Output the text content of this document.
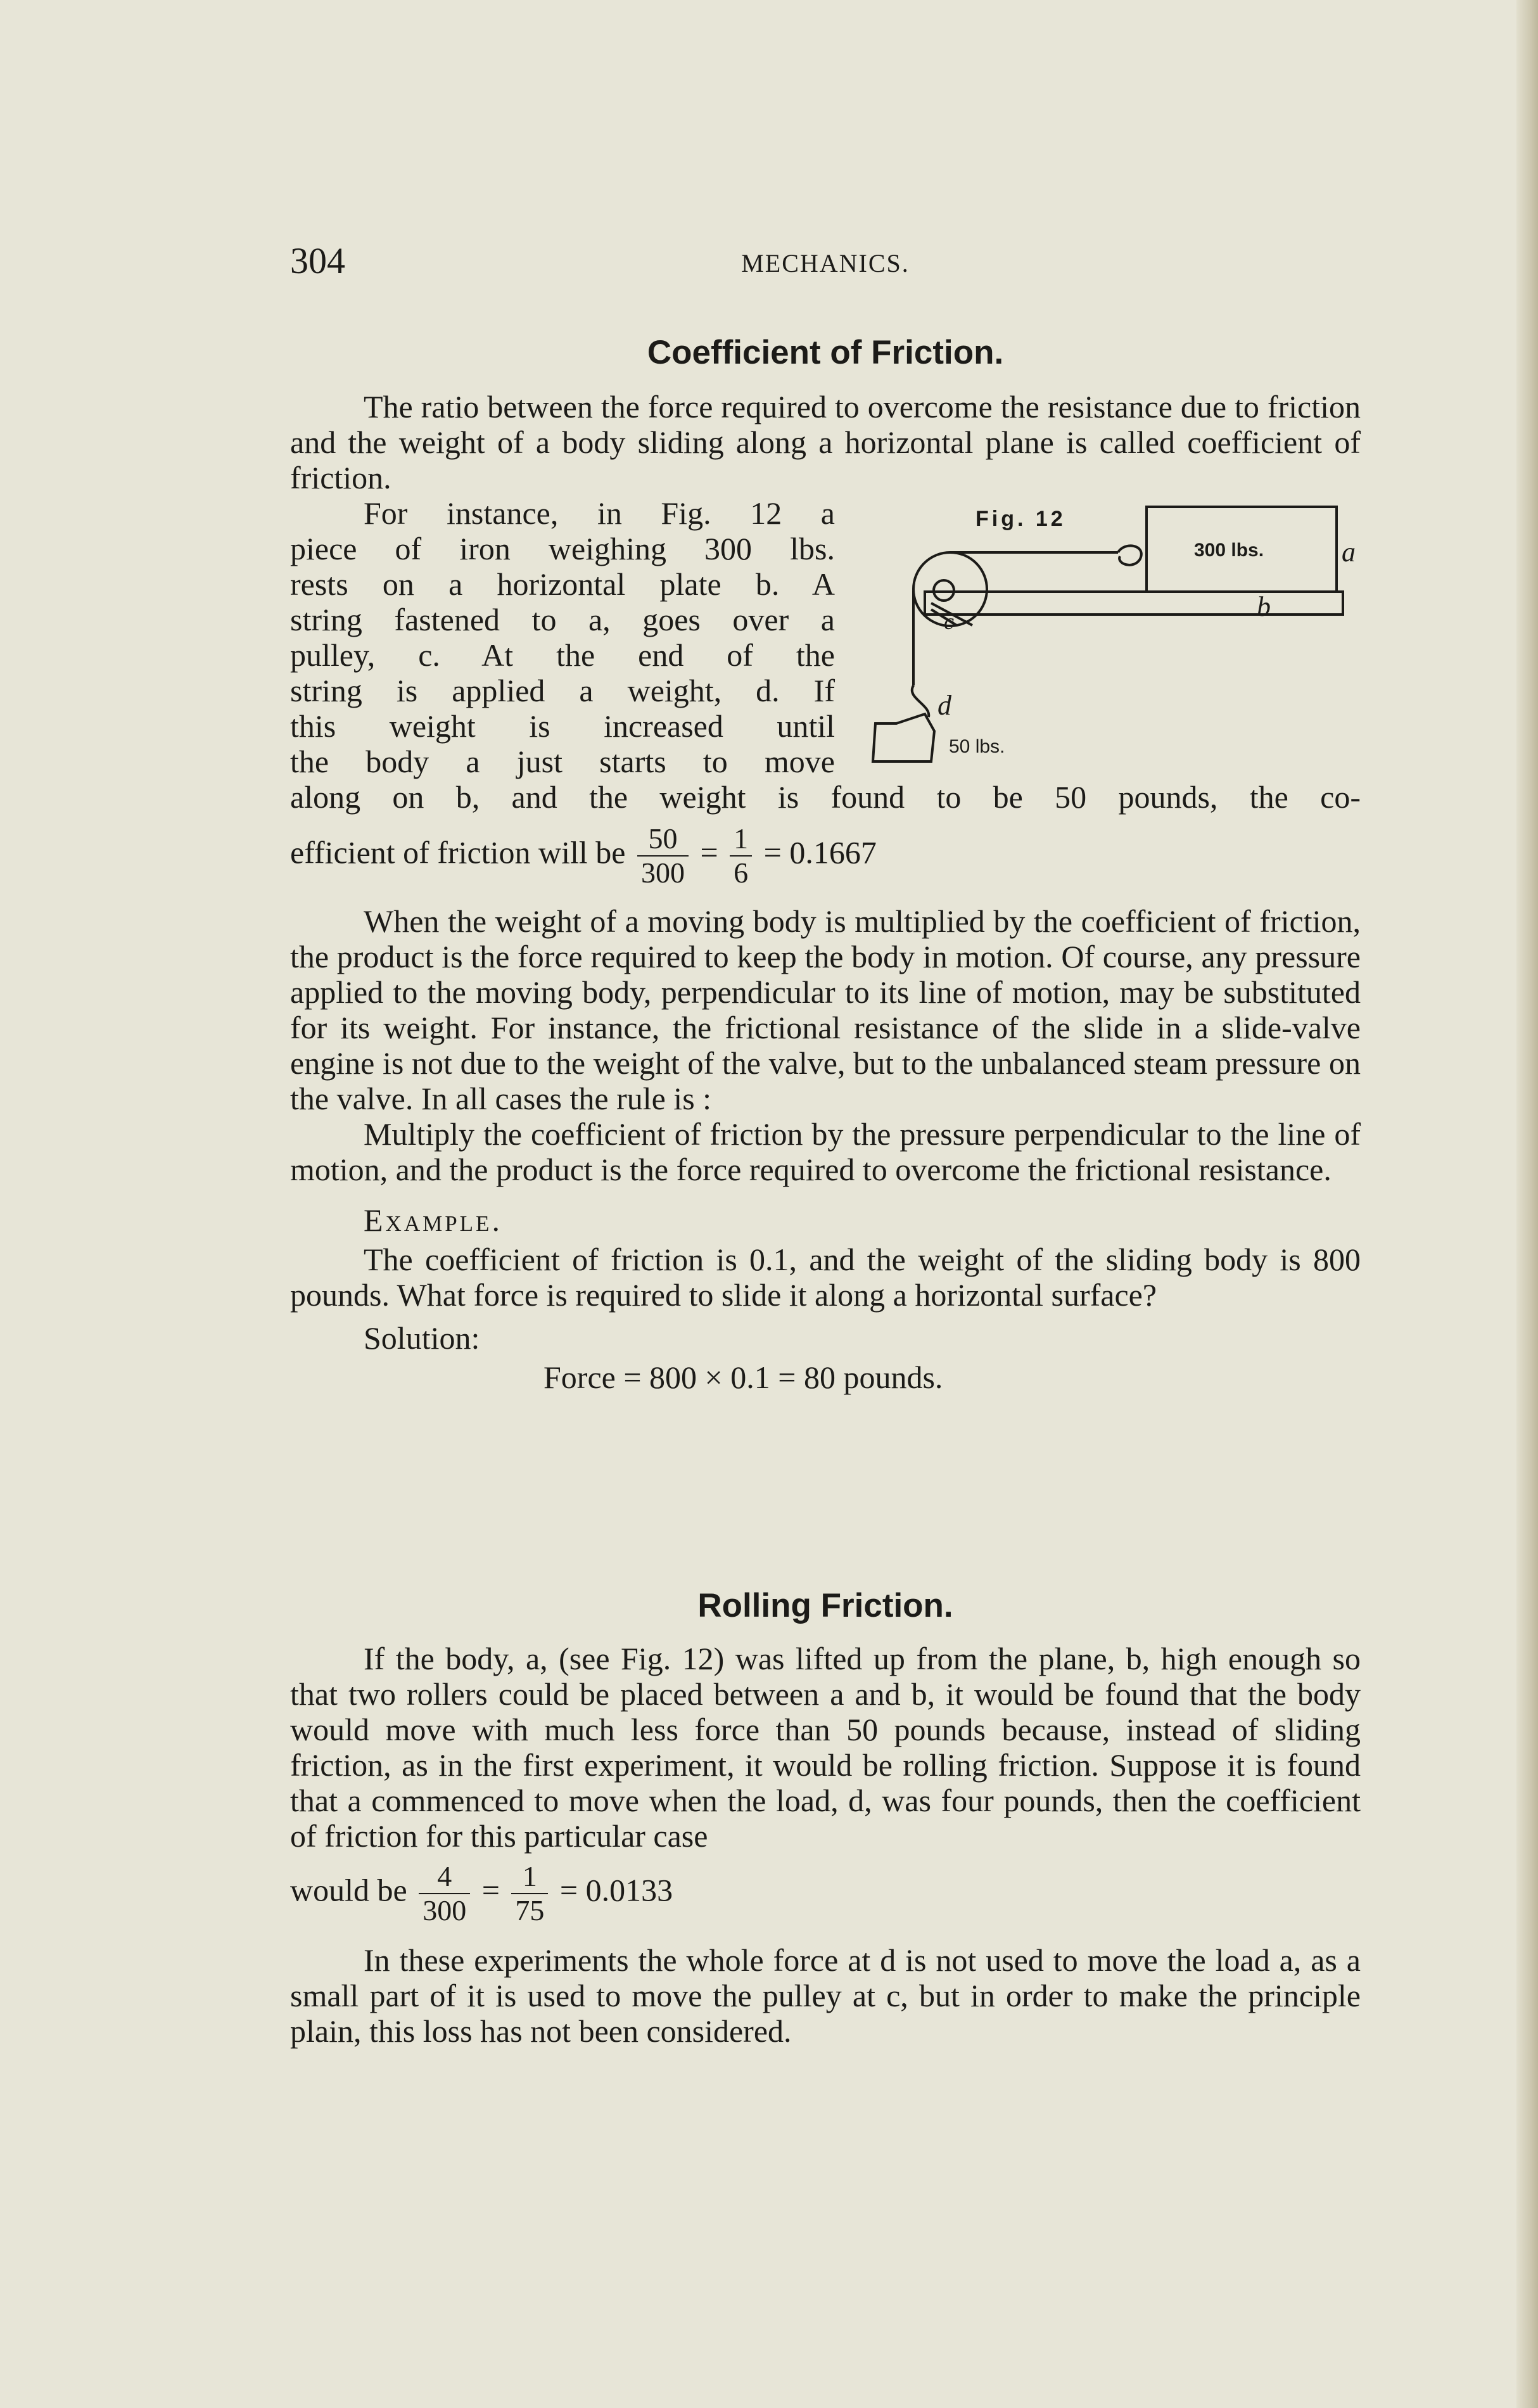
304	MECHANICS.
Coefficient of Friction.

The ratio between the force required to overcome the resistance due to friction and the weight of a body sliding along a horizontal plane is called coefficient of friction.

For instance, in Fig. 12 a
piece of iron weighing 300 lbs.
rests on a horizontal plate b. A
string fastened to a, goes over a
pulley, c. At the end of the
string is applied a weight, d. If
this weight is increased until
the body a just starts to move
Fig. 12
300 lbs.	a
b
c
d
50 lbs.

along on b, and the weight is found to be 50 pounds, the co-

efficient of friction will be $\frac{50}{300} = \frac{1}{6} = 0.1667$

When the weight of a moving body is multiplied by the coefficient of friction, the product is the force required to keep the body in motion. Of course, any pressure applied to the moving body, perpendicular to its line of motion, may be substituted for its weight. For instance, the frictional resistance of the slide in a slide-valve engine is not due to the weight of the valve, but to the unbalanced steam pressure on the valve. In all cases the rule is :

Multiply the coefficient of friction by the pressure perpendicular to the line of motion, and the product is the force required to overcome the frictional resistance.

Example.

The coefficient of friction is 0.1, and the weight of the sliding body is 800 pounds. What force is required to slide it along a horizontal surface?

Solution:

Force = 800 × 0.1 = 80 pounds.

Rolling Friction.

If the body, a, (see Fig. 12) was lifted up from the plane, b, high enough so that two rollers could be placed between a and b, it would be found that the body would move with much less force than 50 pounds because, instead of sliding friction, as in the first experiment, it would be rolling friction. Suppose it is found that a commenced to move when the load, d, was four pounds, then the coefficient of friction for this particular case

would be $\frac{4}{300} = \frac{1}{75} = 0.0133$

In these experiments the whole force at d is not used to move the load a, as a small part of it is used to move the pulley at c, but in order to make the principle plain, this loss has not been considered.
